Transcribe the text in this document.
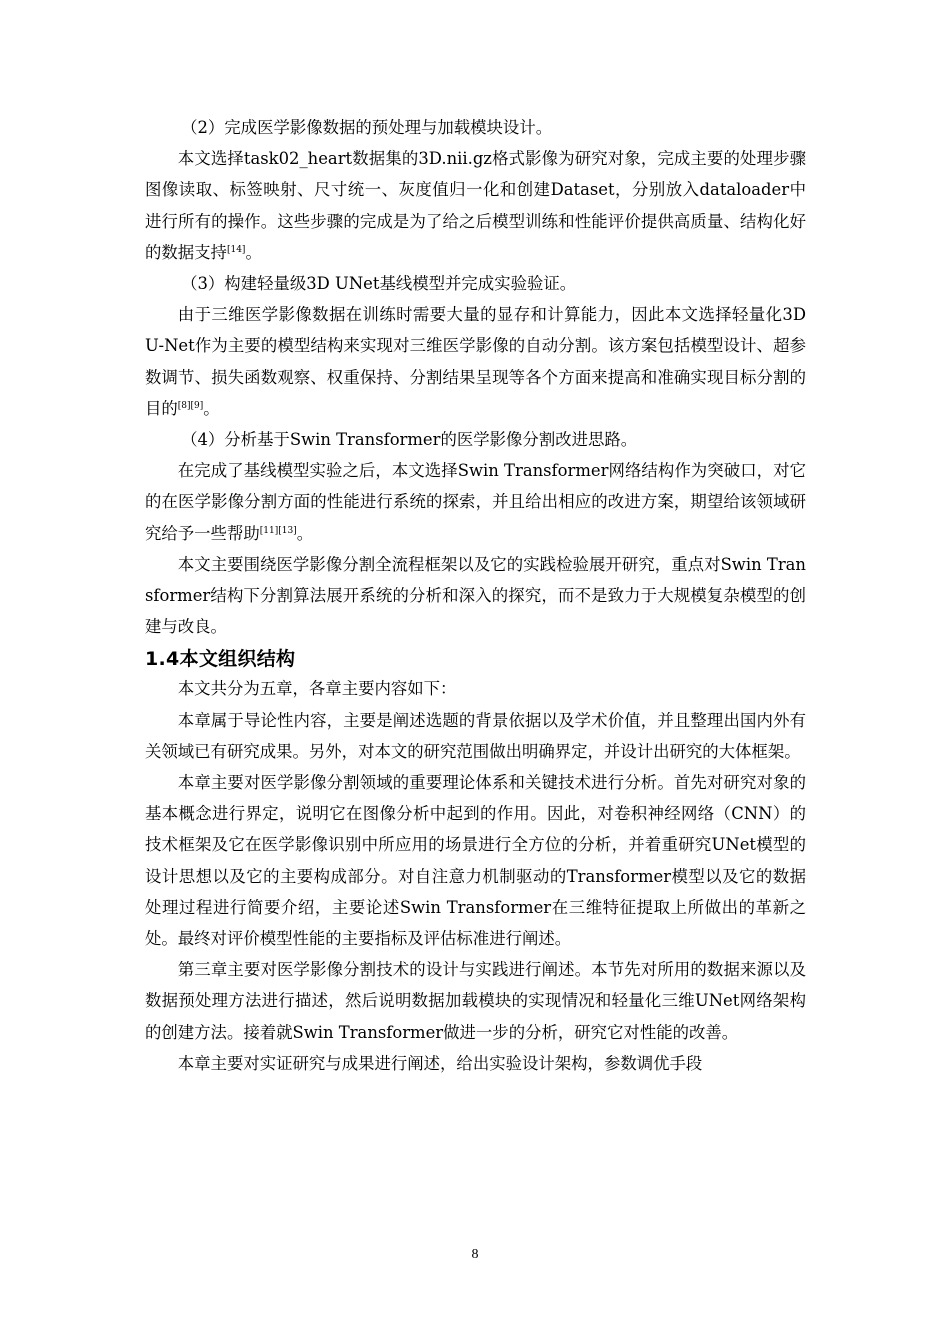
（2）完成医学影像数据的预处理与加载模块设计。

本文选择task02_heart数据集的3D.nii.gz格式影像为研究对象，完成主要的处理步骤图像读取、标签映射、尺寸统一、灰度值归一化和创建Dataset，分别放入dataloader中进行所有的操作。这些步骤的完成是为了给之后模型训练和性能评价提供高质量、结构化好的数据支持[14]。

（3）构建轻量级3D UNet基线模型并完成实验验证。

由于三维医学影像数据在训练时需要大量的显存和计算能力，因此本文选择轻量化3D U-Net作为主要的模型结构来实现对三维医学影像的自动分割。该方案包括模型设计、超参数调节、损失函数观察、权重保持、分割结果呈现等各个方面来提高和准确实现目标分割的目的[8][9]。

（4）分析基于Swin Transformer的医学影像分割改进思路。

在完成了基线模型实验之后，本文选择Swin Transformer网络结构作为突破口，对它的在医学影像分割方面的性能进行系统的探索，并且给出相应的改进方案，期望给该领域研究给予一些帮助[11][13]。

本文主要围绕医学影像分割全流程框架以及它的实践检验展开研究，重点对Swin Transformer结构下分割算法展开系统的分析和深入的探究，而不是致力于大规模复杂模型的创建与改良。

1.4本文组织结构

本文共分为五章，各章主要内容如下：

本章属于导论性内容，主要是阐述选题的背景依据以及学术价值，并且整理出国内外有关领域已有研究成果。另外，对本文的研究范围做出明确界定，并设计出研究的大体框架。

本章主要对医学影像分割领域的重要理论体系和关键技术进行分析。首先对研究对象的基本概念进行界定，说明它在图像分析中起到的作用。因此，对卷积神经网络（CNN）的技术框架及它在医学影像识别中所应用的场景进行全方位的分析，并着重研究UNet模型的设计思想以及它的主要构成部分。对自注意力机制驱动的Transformer模型以及它的数据处理过程进行简要介绍，主要论述Swin Transformer在三维特征提取上所做出的革新之处。最终对评价模型性能的主要指标及评估标准进行阐述。

第三章主要对医学影像分割技术的设计与实践进行阐述。本节先对所用的数据来源以及数据预处理方法进行描述，然后说明数据加载模块的实现情况和轻量化三维UNet网络架构的创建方法。接着就Swin Transformer做进一步的分析，研究它对性能的改善。

本章主要对实证研究与成果进行阐述，给出实验设计架构，参数调优手段

8
